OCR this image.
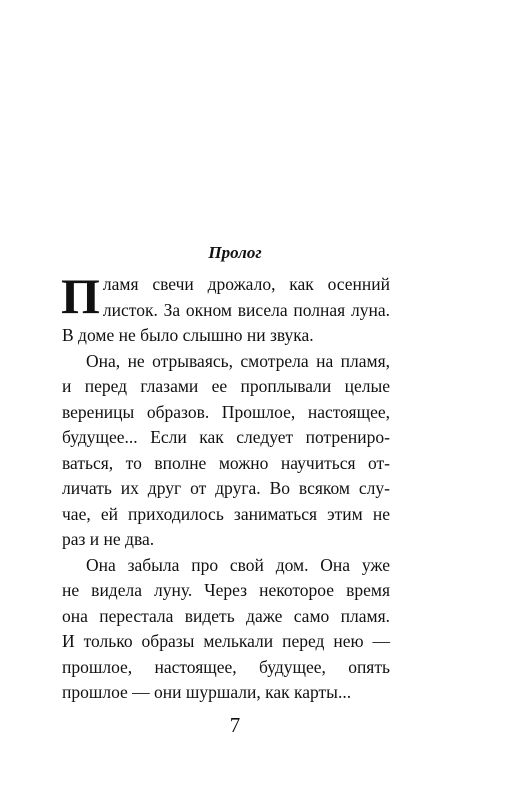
Пролог
П ламя свечи дрожало, как осенний
листок. За окном висела полная луна.
В доме не было слышно ни звука.
Она, не отрываясь, смотрела на пламя,
и перед глазами ее проплывали целые
вереницы образов. Прошлое, настоящее,
будущее... Если как следует потрениро-
ваться, то вполне можно научиться от-
личать их друг от друга. Во всяком слу-
чае, ей приходилось заниматься этим не
раз и не два.
Она забыла про свой дом. Она уже
не видела луну. Через некоторое время
она перестала видеть даже само пламя.
И только образы мелькали перед нею —
прошлое, настоящее, будущее, опять
прошлое — они шуршали, как карты...
7
